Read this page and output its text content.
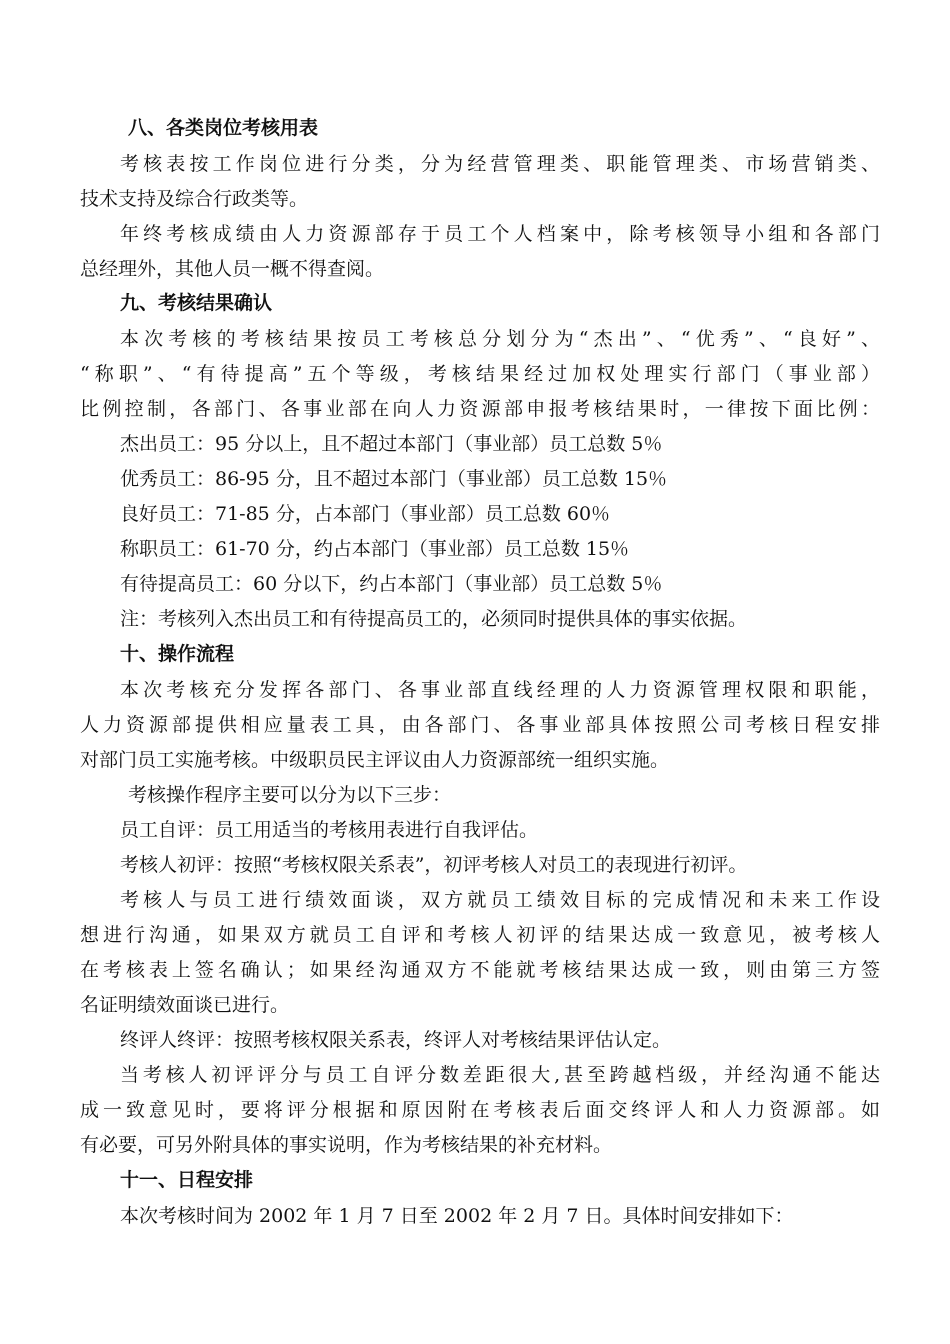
八、各类岗位考核用表
考核表按工作岗位进行分类，分为经营管理类、职能管理类、市场营销类、
技术支持及综合行政类等。
年终考核成绩由人力资源部存于员工个人档案中，除考核领导小组和各部门
总经理外，其他人员一概不得查阅。
九、考核结果确认
本次考核的考核结果按员工考核总分划分为“杰出”、“优秀”、“良好”、
“称职”、“有待提高”五个等级，考核结果经过加权处理实行部门（事业部）
比例控制，各部门、各事业部在向人力资源部申报考核结果时，一律按下面比例：
杰出员工：95 分以上，且不超过本部门（事业部）员工总数 5％
优秀员工：86-95 分，且不超过本部门（事业部）员工总数 15％
良好员工：71-85 分，占本部门（事业部）员工总数 60％
称职员工：61-70 分，约占本部门（事业部）员工总数 15％
有待提高员工：60 分以下，约占本部门（事业部）员工总数 5％
注：考核列入杰出员工和有待提高员工的，必须同时提供具体的事实依据。
十、操作流程
本次考核充分发挥各部门、各事业部直线经理的人力资源管理权限和职能，
人力资源部提供相应量表工具，由各部门、各事业部具体按照公司考核日程安排
对部门员工实施考核。中级职员民主评议由人力资源部统一组织实施。
考核操作程序主要可以分为以下三步：
员工自评：员工用适当的考核用表进行自我评估。
考核人初评：按照“考核权限关系表”，初评考核人对员工的表现进行初评。
考核人与员工进行绩效面谈，双方就员工绩效目标的完成情况和未来工作设
想进行沟通，如果双方就员工自评和考核人初评的结果达成一致意见，被考核人
在考核表上签名确认；如果经沟通双方不能就考核结果达成一致，则由第三方签
名证明绩效面谈已进行。
终评人终评：按照考核权限关系表，终评人对考核结果评估认定。
当考核人初评评分与员工自评分数差距很大,甚至跨越档级，并经沟通不能达
成一致意见时，要将评分根据和原因附在考核表后面交终评人和人力资源部。如
有必要，可另外附具体的事实说明，作为考核结果的补充材料。
十一、日程安排
本次考核时间为 2002 年 1 月 7 日至 2002 年 2 月 7 日。具体时间安排如下：
